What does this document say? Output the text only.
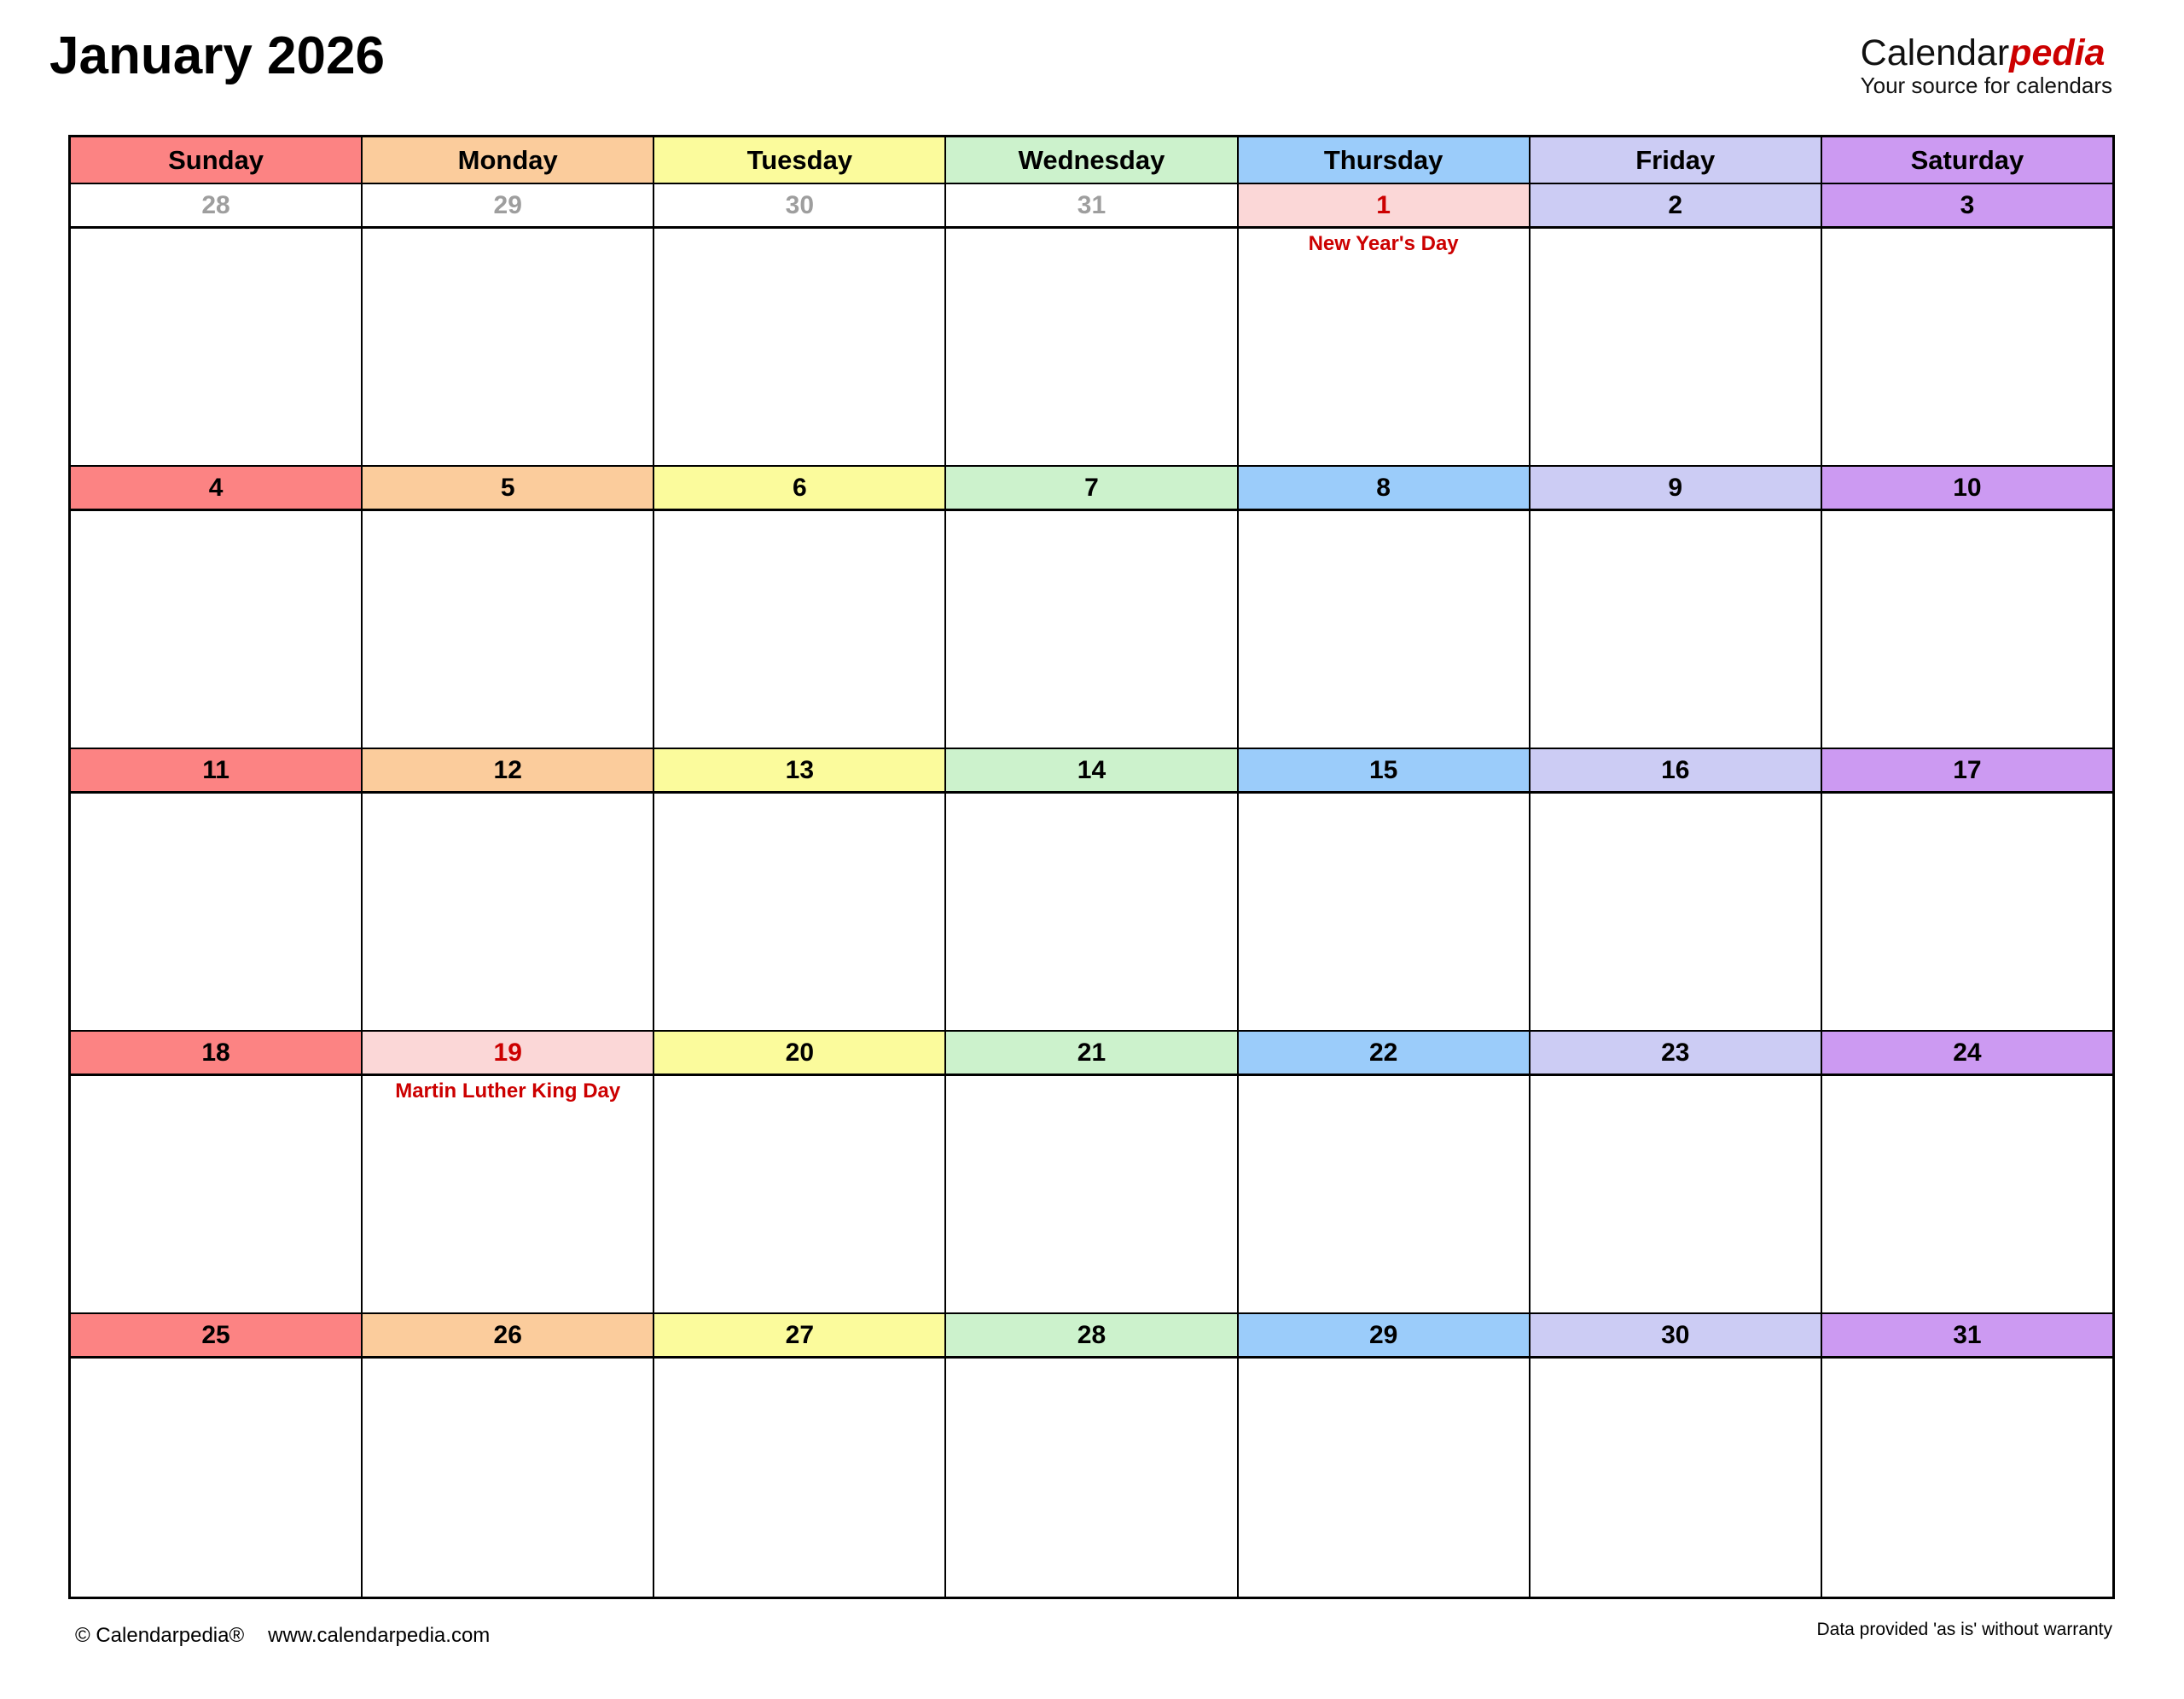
January 2026	Calendarpedia
Your source for calendars
Sunday	Monday	Tuesday	Wednesday	Thursday	Friday	Saturday
28	29	30	31	1	2	3
New Year's Day
4	5	6	7	8	9	10
11	12	13	14	15	16	17
18	19	20	21	22	23	24
Martin Luther King Day
25	26	27	28	29	30	31
© Calendarpedia® www.calendarpedia.com	Data provided 'as is' without warranty
